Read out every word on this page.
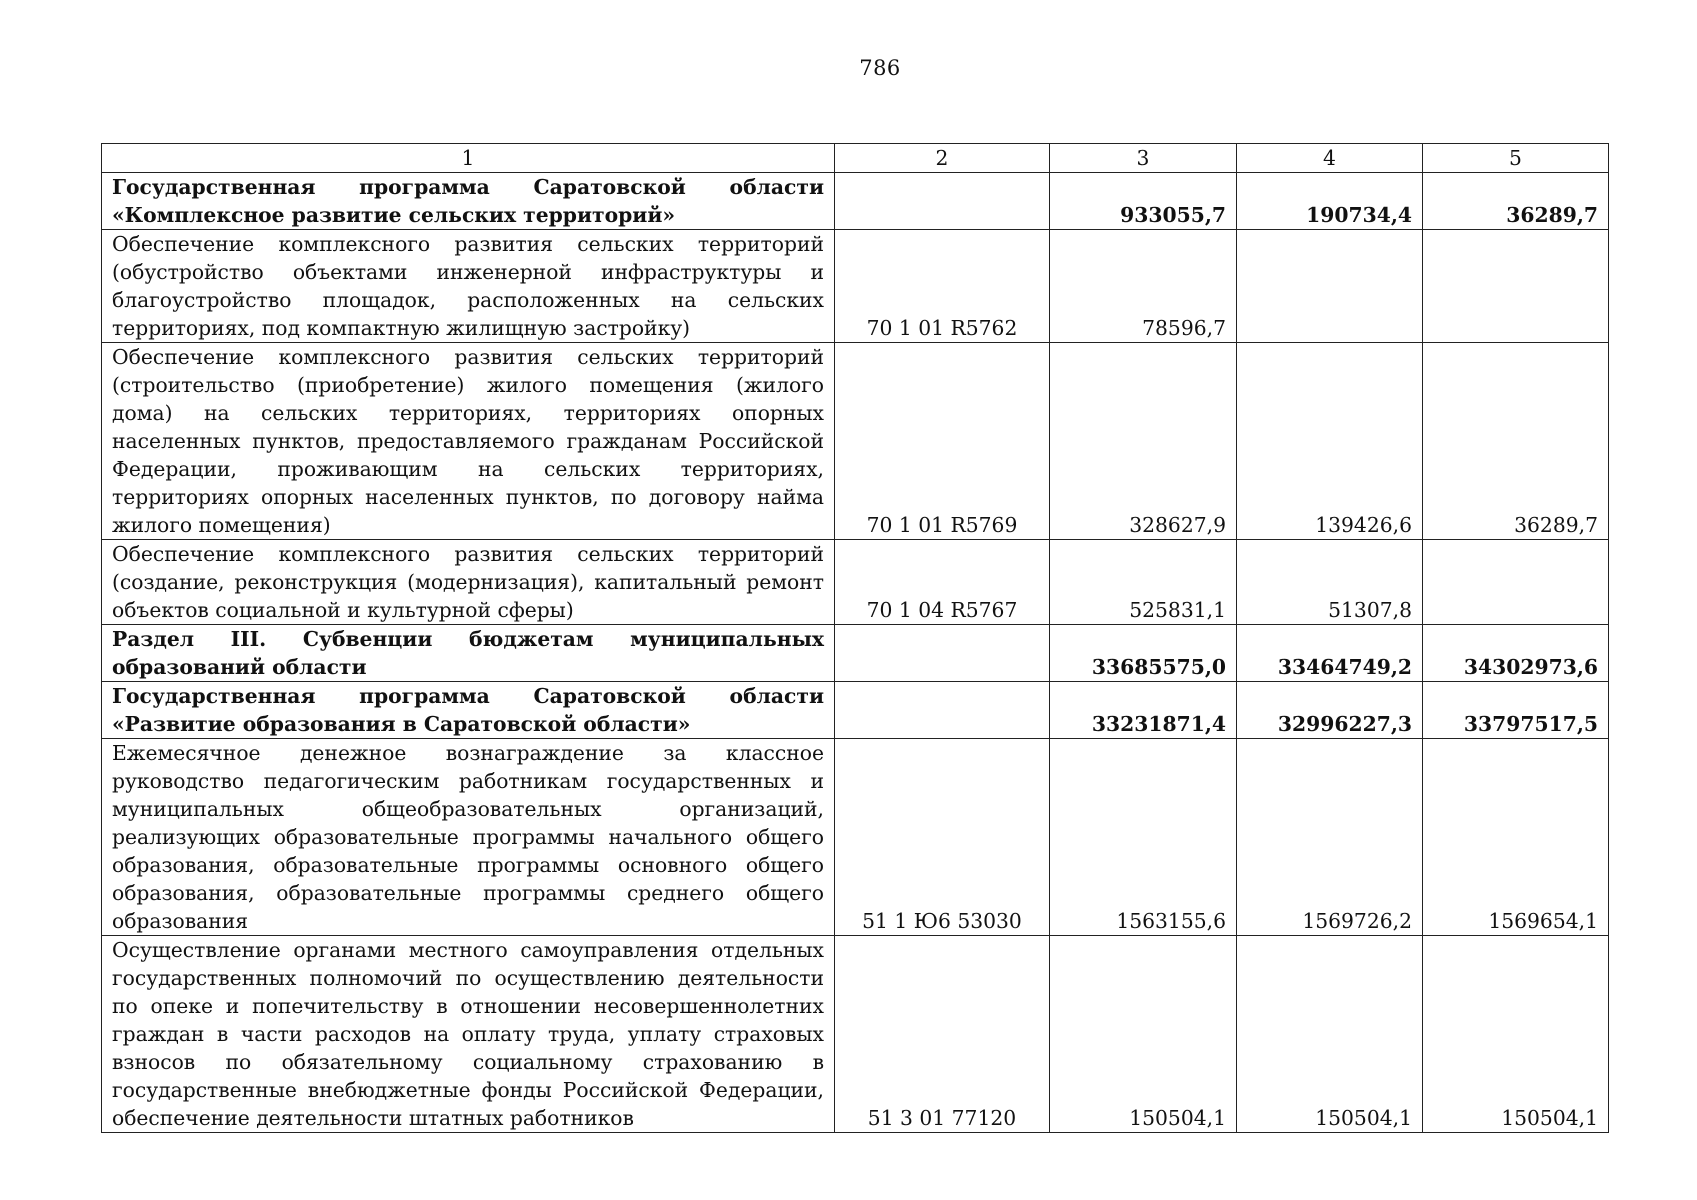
786
1	2	3	4	5
Государственная программа Саратовской области «Комплексное развитие сельских территорий»		933055,7	190734,4	36289,7
Обеспечение комплексного развития сельских территорий (обустройство объектами инженерной инфраструктуры и благоустройство площадок, расположенных на сельских территориях, под компактную жилищную застройку)	70 1 01 R5762	78596,7		
Обеспечение комплексного развития сельских территорий (строительство (приобретение) жилого помещения (жилого дома) на сельских территориях, территориях опорных населенных пунктов, предоставляемого гражданам Российской Федерации, проживающим на сельских территориях, территориях опорных населенных пунктов, по договору найма жилого помещения)	70 1 01 R5769	328627,9	139426,6	36289,7
Обеспечение комплексного развития сельских территорий (создание, реконструкция (модернизация), капитальный ремонт объектов социальной и культурной сферы)	70 1 04 R5767	525831,1	51307,8	
Раздел III. Субвенции бюджетам муниципальных образований области		33685575,0	33464749,2	34302973,6
Государственная программа Саратовской области «Развитие образования в Саратовской области»		33231871,4	32996227,3	33797517,5
Ежемесячное денежное вознаграждение за классное руководство педагогическим работникам государственных и муниципальных общеобразовательных организаций, реализующих образовательные программы начального общего образования, образовательные программы основного общего образования, образовательные программы среднего общего образования	51 1 Ю6 53030	1563155,6	1569726,2	1569654,1
Осуществление органами местного самоуправления отдельных государственных полномочий по осуществлению деятельности по опеке и попечительству в отношении несовершеннолетних граждан в части расходов на оплату труда, уплату страховых взносов по обязательному социальному страхованию в государственные внебюджетные фонды Российской Федерации, обеспечение деятельности штатных работников	51 3 01 77120	150504,1	150504,1	150504,1
